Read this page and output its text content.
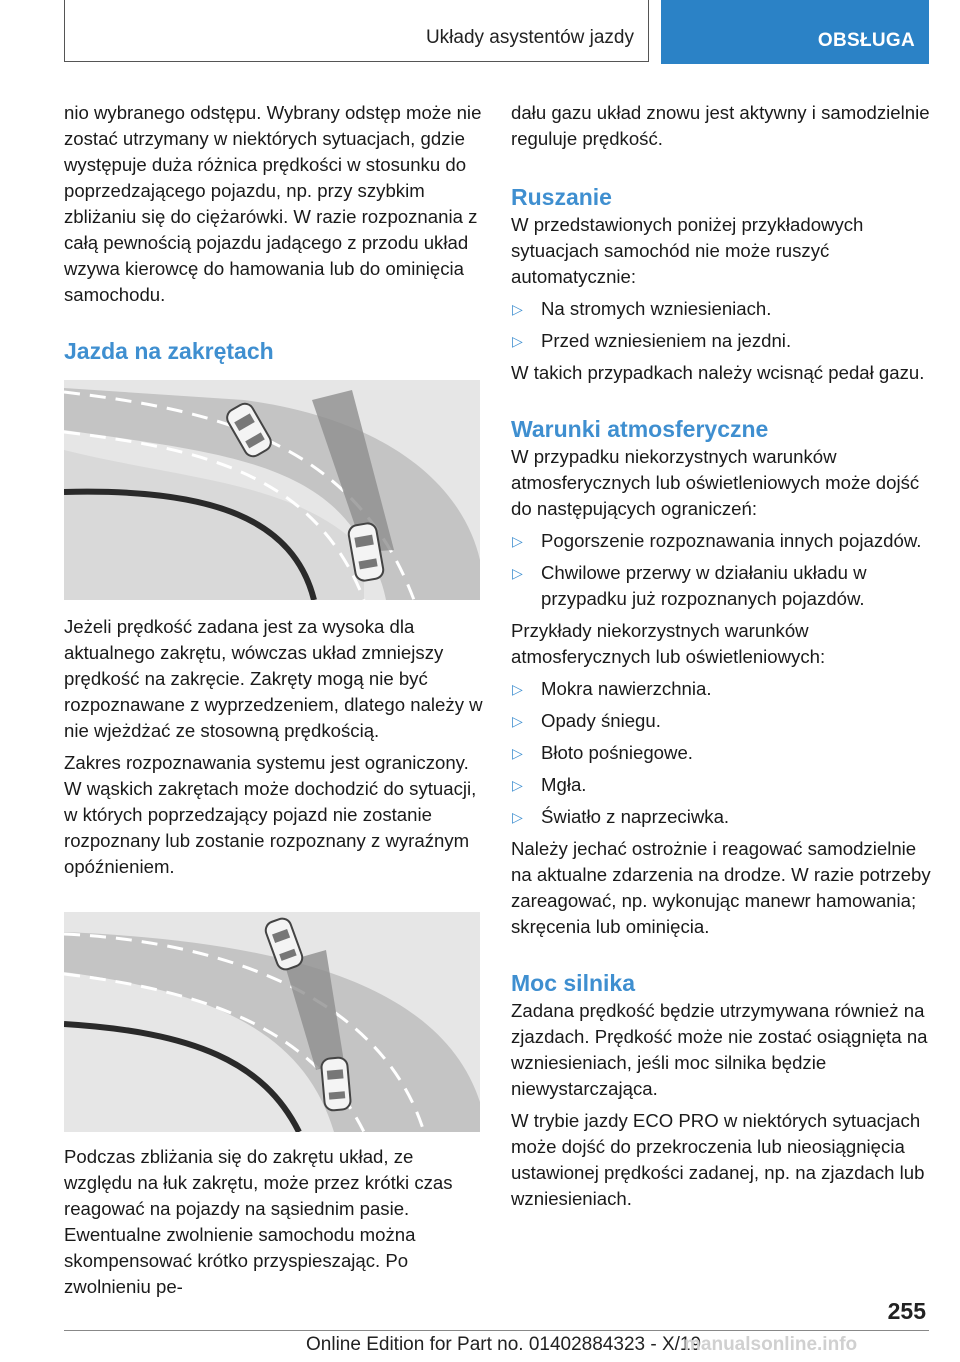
Układy asystentów jazdy	OBSŁUGA

nio wybranego odstępu. Wybrany odstęp może nie zostać utrzymany w niektórych sytuacjach, gdzie występuje duża różnica prędkości w stosunku do poprzedzającego pojazdu, np. przy szybkim zbliżaniu się do ciężarówki. W razie rozpoznania z całą pewnością pojazdu jadącego z przodu układ wzywa kierowcę do hamowania lub do ominięcia samochodu.

Jazda na zakrętach

Jeżeli prędkość zadana jest za wysoka dla aktualnego zakrętu, wówczas układ zmniejszy prędkość na zakręcie. Zakręty mogą nie być rozpoznawane z wyprzedzeniem, dlatego należy w nie wjeżdżać ze stosowną prędkością.

Zakres rozpoznawania systemu jest ograniczony. W wąskich zakrętach może dochodzić do sytuacji, w których poprzedzający pojazd nie zostanie rozpoznany lub zostanie rozpoznany z wyraźnym opóźnieniem.

Podczas zbliżania się do zakrętu układ, ze względu na łuk zakrętu, może przez krótki czas reagować na pojazdy na sąsiednim pasie. Ewentualne zwolnienie samochodu można skompensować krótko przyspieszając. Po zwolnieniu pe-

dału gazu układ znowu jest aktywny i samodzielnie reguluje prędkość.

Ruszanie

W przedstawionych poniżej przykładowych sytuacjach samochód nie może ruszyć automatycznie:

▷ Na stromych wzniesieniach.
▷ Przed wzniesieniem na jezdni.

W takich przypadkach należy wcisnąć pedał gazu.

Warunki atmosferyczne

W przypadku niekorzystnych warunków atmosferycznych lub oświetleniowych może dojść do następujących ograniczeń:

▷ Pogorszenie rozpoznawania innych pojazdów.
▷ Chwilowe przerwy w działaniu układu w przypadku już rozpoznanych pojazdów.

Przykłady niekorzystnych warunków atmosferycznych lub oświetleniowych:

▷ Mokra nawierzchnia.
▷ Opady śniegu.
▷ Błoto pośniegowe.
▷ Mgła.
▷ Światło z naprzeciwka.

Należy jechać ostrożnie i reagować samodzielnie na aktualne zdarzenia na drodze. W razie potrzeby zareagować, np. wykonując manewr hamowania; skręcenia lub ominięcia.

Moc silnika

Zadana prędkość będzie utrzymywana również na zjazdach. Prędkość może nie zostać osiągnięta na wzniesieniach, jeśli moc silnika będzie niewystarczająca.

W trybie jazdy ECO PRO w niektórych sytuacjach może dojść do przekroczenia lub nieosiągnięcia ustawionej prędkości zadanej, np. na zjazdach lub wzniesieniach.

255
Online Edition for Part no. 01402884323 - X/19
manualsonline.info
